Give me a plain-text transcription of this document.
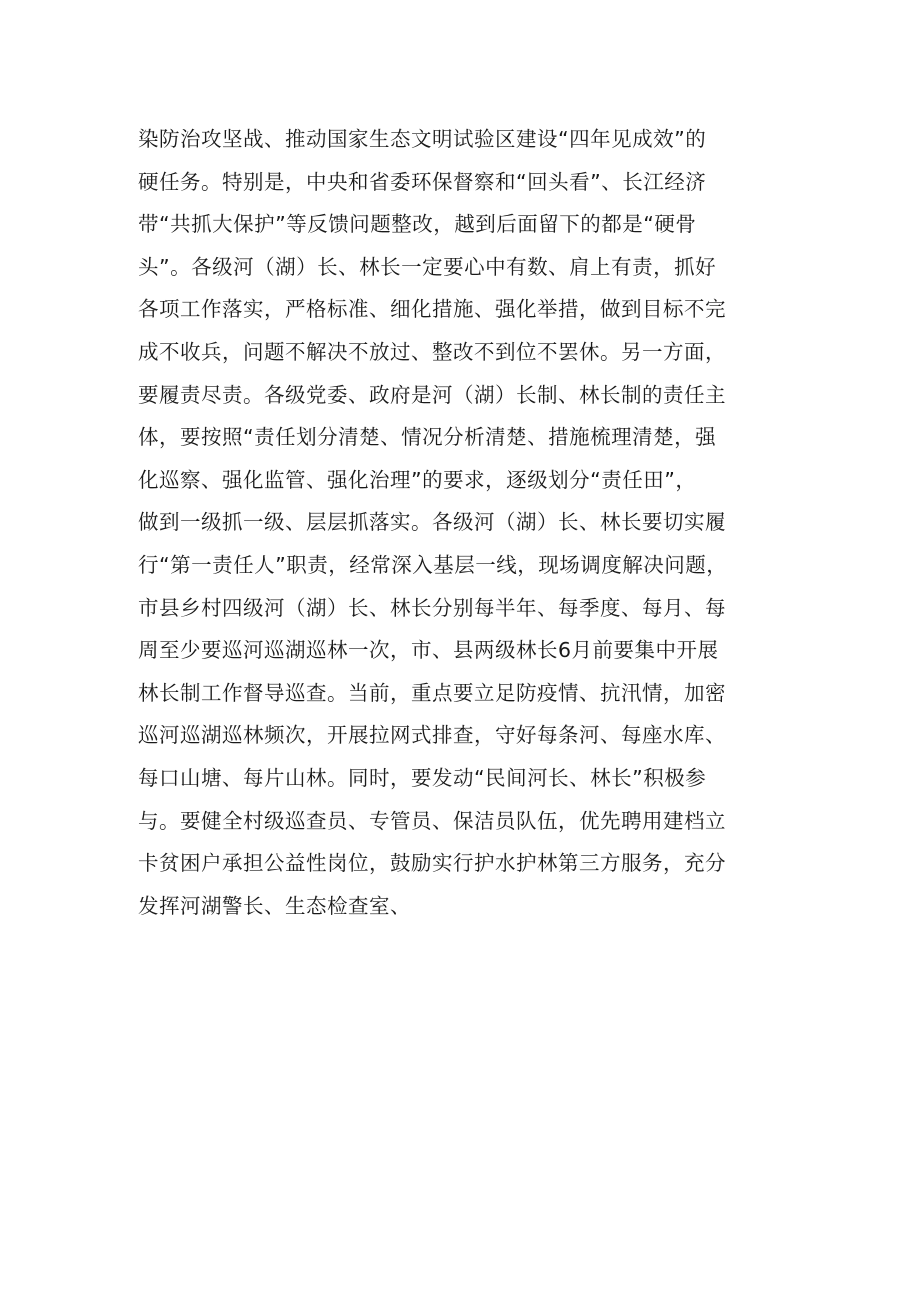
染防治攻坚战、推动国家生态文明试验区建设“四年见成效”的
硬任务。特别是，中央和省委环保督察和“回头看”、长江经济
带“共抓大保护”等反馈问题整改，越到后面留下的都是“硬骨
头”。各级河（湖）长、林长一定要心中有数、肩上有责，抓好
各项工作落实，严格标准、细化措施、强化举措，做到目标不完
成不收兵，问题不解决不放过、整改不到位不罢休。另一方面，
要履责尽责。各级党委、政府是河（湖）长制、林长制的责任主
体，要按照“责任划分清楚、情况分析清楚、措施梳理清楚，强
化巡察、强化监管、强化治理”的要求，逐级划分“责任田”，
做到一级抓一级、层层抓落实。各级河（湖）长、林长要切实履
行“第一责任人”职责，经常深入基层一线，现场调度解决问题，
市县乡村四级河（湖）长、林长分别每半年、每季度、每月、每
周至少要巡河巡湖巡林一次，市、县两级林长6月前要集中开展
林长制工作督导巡查。当前，重点要立足防疫情、抗汛情，加密
巡河巡湖巡林频次，开展拉网式排查，守好每条河、每座水库、
每口山塘、每片山林。同时，要发动“民间河长、林长”积极参
与。要健全村级巡查员、专管员、保洁员队伍，优先聘用建档立
卡贫困户承担公益性岗位，鼓励实行护水护林第三方服务，充分
发挥河湖警长、生态检查室、
